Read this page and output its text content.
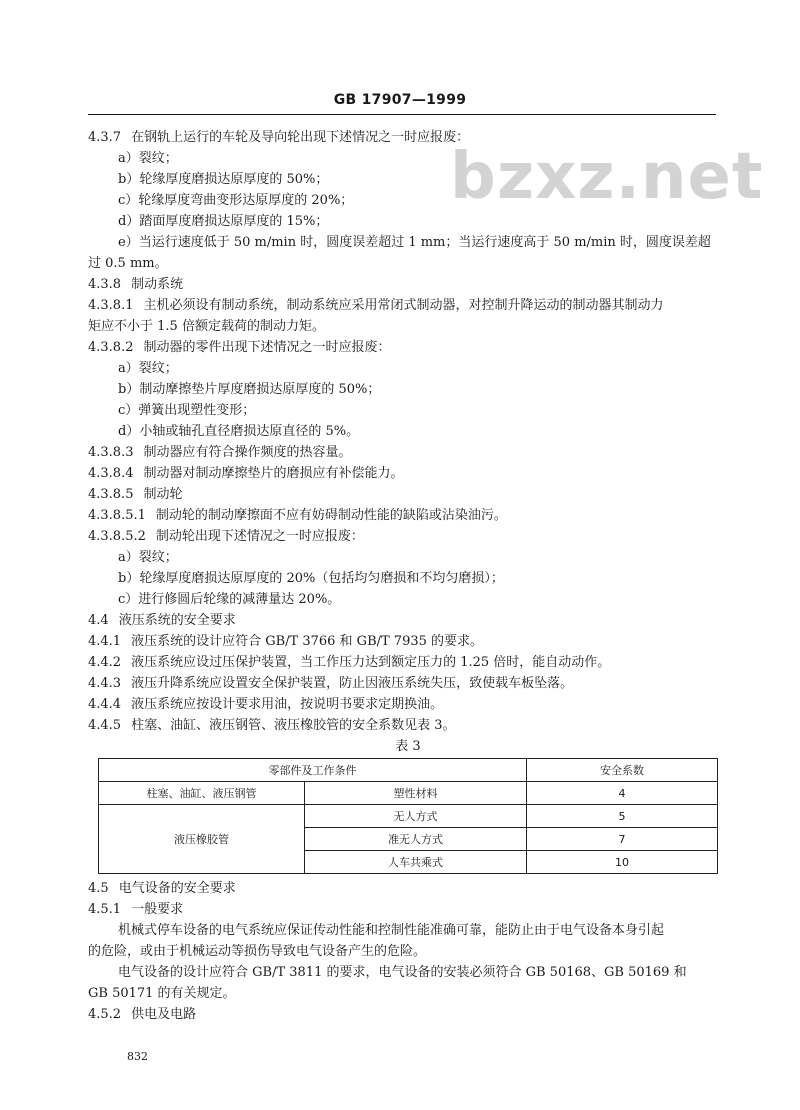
GB 17907—1999
bzxz.net
4.3.7 在钢轨上运行的车轮及导向轮出现下述情况之一时应报废：
a）裂纹；
b）轮缘厚度磨损达原厚度的 50%；
c）轮缘厚度弯曲变形达原厚度的 20%；
d）踏面厚度磨损达原厚度的 15%；
e）当运行速度低于 50 m/min 时，圆度误差超过 1 mm；当运行速度高于 50 m/min 时，圆度误差超
过 0.5 mm。
4.3.8 制动系统
4.3.8.1 主机必须设有制动系统，制动系统应采用常闭式制动器，对控制升降运动的制动器其制动力
矩应不小于 1.5 倍额定载荷的制动力矩。
4.3.8.2 制动器的零件出现下述情况之一时应报废：
a）裂纹；
b）制动摩擦垫片厚度磨损达原厚度的 50%；
c）弹簧出现塑性变形；
d）小轴或轴孔直径磨损达原直径的 5%。
4.3.8.3 制动器应有符合操作频度的热容量。
4.3.8.4 制动器对制动摩擦垫片的磨损应有补偿能力。
4.3.8.5 制动轮
4.3.8.5.1 制动轮的制动摩擦面不应有妨碍制动性能的缺陷或沾染油污。
4.3.8.5.2 制动轮出现下述情况之一时应报废：
a）裂纹；
b）轮缘厚度磨损达原厚度的 20%（包括均匀磨损和不均匀磨损）；
c）进行修圆后轮缘的减薄量达 20%。
4.4 液压系统的安全要求
4.4.1 液压系统的设计应符合 GB/T 3766 和 GB/T 7935 的要求。
4.4.2 液压系统应设过压保护装置，当工作压力达到额定压力的 1.25 倍时，能自动动作。
4.4.3 液压升降系统应设置安全保护装置，防止因液压系统失压，致使载车板坠落。
4.4.4 液压系统应按设计要求用油，按说明书要求定期换油。
4.4.5 柱塞、油缸、液压钢管、液压橡胶管的安全系数见表 3。
表 3
零部件及工作条件		安全系数
柱塞、油缸、液压钢管	塑性材料	4
液压橡胶管	无人方式	5
	准无人方式	7
	人车共乘式	10
4.5 电气设备的安全要求
4.5.1 一般要求
机械式停车设备的电气系统应保证传动性能和控制性能准确可靠，能防止由于电气设备本身引起
的危险，或由于机械运动等损伤导致电气设备产生的危险。
电气设备的设计应符合 GB/T 3811 的要求，电气设备的安装必须符合 GB 50168、GB 50169 和
GB 50171 的有关规定。
4.5.2 供电及电路
832
